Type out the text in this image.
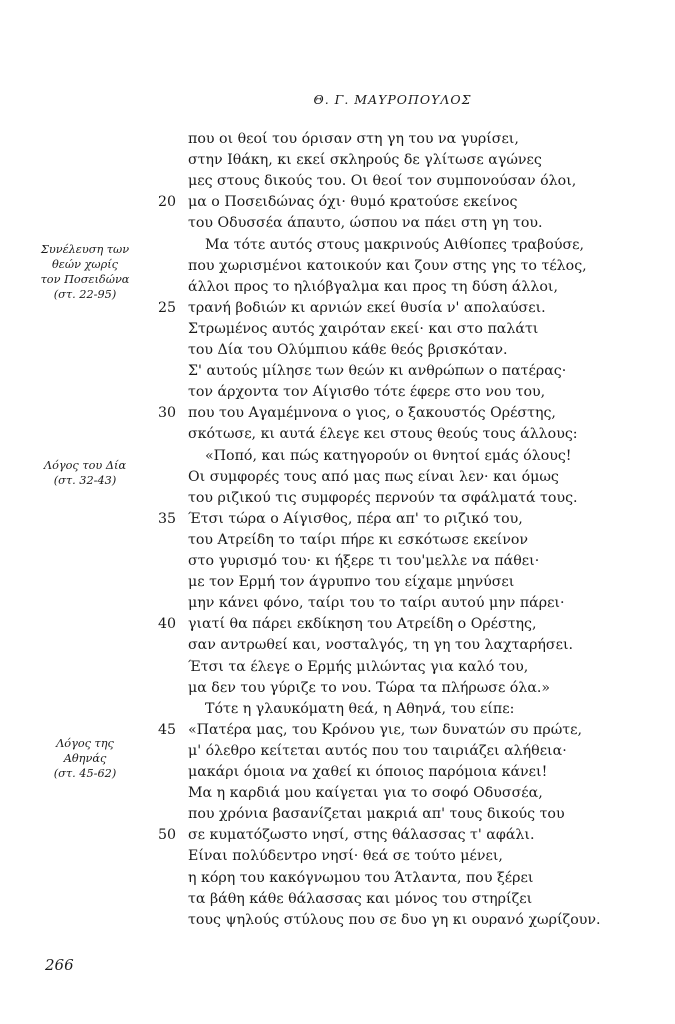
Θ. Γ. ΜΑΥΡΟΠΟΥΛΟΣ
που οι θεοί του όρισαν στη γη του να γυρίσει,
στην Ιθάκη, κι εκεί σκληρούς δε γλίτωσε αγώνες
μες στους δικούς του. Οι θεοί τον συμπονούσαν όλοι,
20 μα ο Ποσειδώνας όχι· θυμό κρατούσε εκείνος
του Οδυσσέα άπαυτο, ώσπου να πάει στη γη του.
Μα τότε αυτός στους μακρινούς Αιθίοπες τραβούσε,
που χωρισμένοι κατοικούν και ζουν στης γης το τέλος,
άλλοι προς το ηλιόβγαλμα και προς τη δύση άλλοι,
25 τρανή βοδιών κι αρνιών εκεί θυσία ν' απολαύσει.
Στρωμένος αυτός χαιρόταν εκεί· και στο παλάτι
του Δία του Ολύμπιου κάθε θεός βρισκόταν.
Σ' αυτούς μίλησε των θεών κι ανθρώπων ο πατέρας·
τον άρχοντα τον Αίγισθο τότε έφερε στο νου του,
30 που του Αγαμέμνονα ο γιος, ο ξακουστός Ορέστης,
σκότωσε, κι αυτά έλεγε κει στους θεούς τους άλλους:
«Ποπό, και πώς κατηγορούν οι θνητοί εμάς όλους!
Οι συμφορές τους από μας πως είναι λεν· και όμως
του ριζικού τις συμφορές περνούν τα σφάλματά τους.
35 Έτσι τώρα ο Αίγισθος, πέρα απ' το ριζικό του,
του Ατρείδη το ταίρι πήρε κι εσκότωσε εκείνον
στο γυρισμό του· κι ήξερε τι του'μελλε να πάθει·
με τον Ερμή τον άγρυπνο του είχαμε μηνύσει
μην κάνει φόνο, ταίρι του το ταίρι αυτού μην πάρει·
40 γιατί θα πάρει εκδίκηση του Ατρείδη ο Ορέστης,
σαν αντρωθεί και, νοσταλγός, τη γη του λαχταρήσει.
Έτσι τα έλεγε ο Ερμής μιλώντας για καλό του,
μα δεν του γύριζε το νου. Τώρα τα πλήρωσε όλα.»
Τότε η γλαυκόματη θεά, η Αθηνά, του είπε:
45 «Πατέρα μας, του Κρόνου γιε, των δυνατών συ πρώτε,
μ' όλεθρο κείτεται αυτός που του ταιριάζει αλήθεια·
μακάρι όμοια να χαθεί κι όποιος παρόμοια κάνει!
Μα η καρδιά μου καίγεται για το σοφό Οδυσσέα,
που χρόνια βασανίζεται μακριά απ' τους δικούς του
50 σε κυματόζωστο νησί, στης θάλασσας τ' αφάλι.
Είναι πολύδεντρο νησί· θεά σε τούτο μένει,
η κόρη του κακόγνωμου του Άτλαντα, που ξέρει
τα βάθη κάθε θάλασσας και μόνος του στηρίζει
τους ψηλούς στύλους που σε δυο γη κι ουρανό χωρίζουν.
Συνέλευση των
θεών χωρίς
τον Ποσειδώνα
(στ. 22-95)
Λόγος του Δία
(στ. 32-43)
Λόγος της
Αθηνάς
(στ. 45-62)
266
